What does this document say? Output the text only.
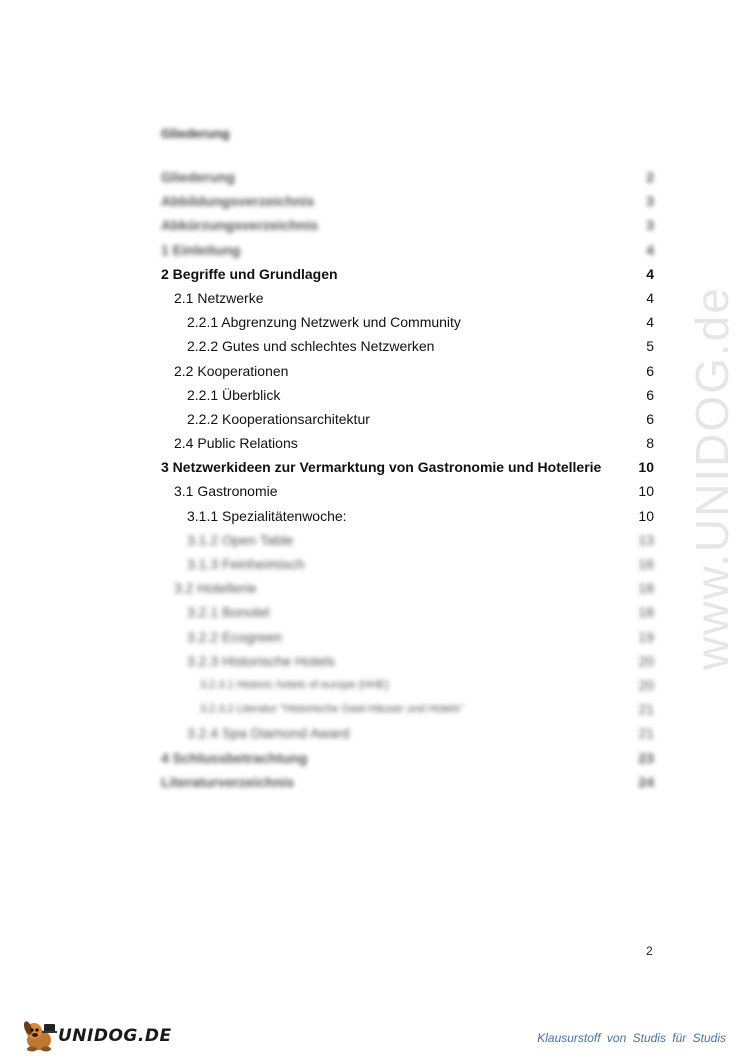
www.UNIDOG.de
Gliederung
Gliederung	2
Abbildungsverzeichnis	3
Abkürzungsverzeichnis	3
1 Einleitung	4
2 Begriffe und Grundlagen	4
2.1 Netzwerke	4
2.2.1 Abgrenzung Netzwerk und Community	4
2.2.2 Gutes und schlechtes Netzwerken	5
2.2 Kooperationen	6
2.2.1 Überblick	6
2.2.2 Kooperationsarchitektur	6
2.4 Public Relations	8
3 Netzwerkideen zur Vermarktung von Gastronomie und Hotellerie	10
3.1 Gastronomie	10
3.1.1 Spezialitätenwoche:	10
3.1.2 Open Table	13
3.1.3 Feinheimisch	16
3.2 Hotellerie	18
3.2.1 Bonotel	18
3.2.2 Ecogreen	19
3.2.3 Historische Hotels	20
3.2.3.1 Historic hotels of europe (HHE)	20
3.2.3.2 Literatur "Historische Gast-Häuser und Hotels"	21
3.2.4 Spa Diamond Award	21
4 Schlussbetrachtung	23
Literaturverzeichnis	24
2
UNIDOG.DE	Klausurstoff von Studis für Studis
